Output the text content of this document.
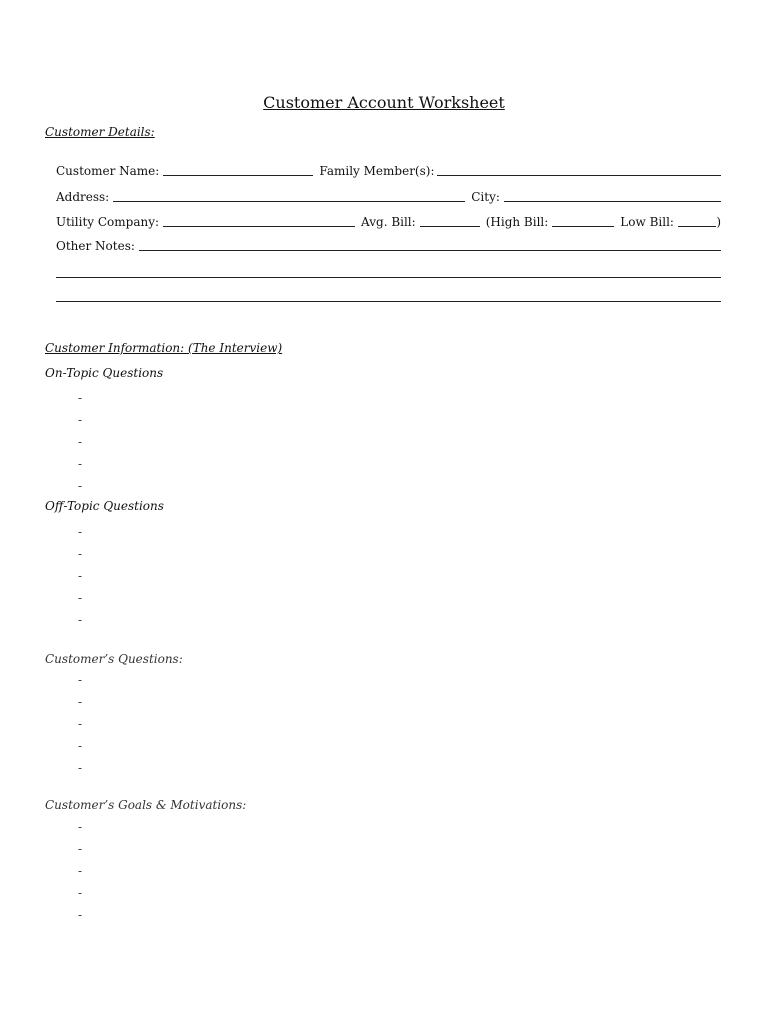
Customer Account Worksheet
Customer Details:
Customer Name:	Family Member(s):
Address:	City:
Utility Company:	Avg. Bill:	(High Bill:	Low Bill:	)
Other Notes:
Customer Information: (The Interview)
On-Topic Questions
-
-
-
-
-
Off-Topic Questions
-
-
-
-
-
Customer’s Questions:
-
-
-
-
-
Customer’s Goals & Motivations:
-
-
-
-
-
